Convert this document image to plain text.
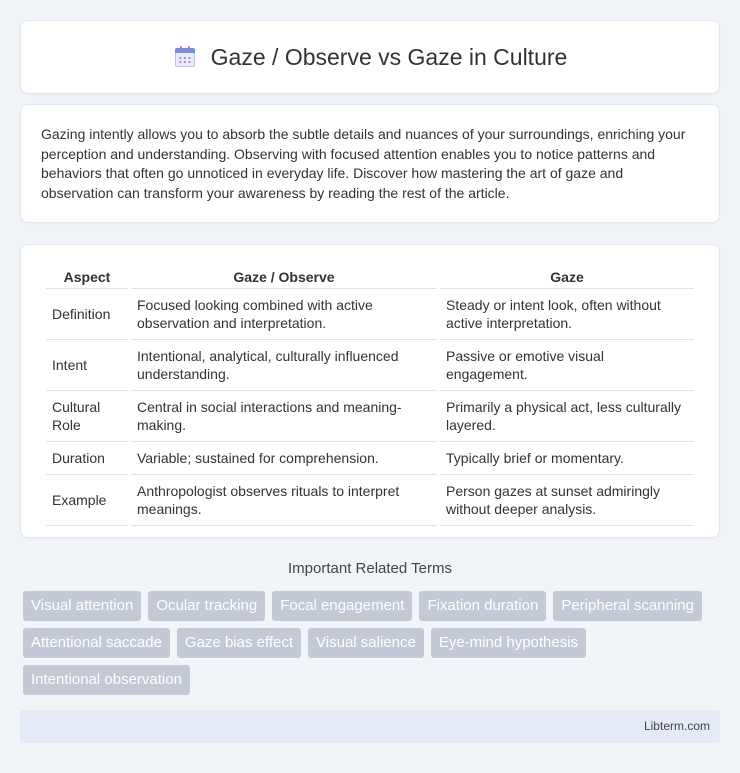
Gaze / Observe vs Gaze in Culture

Gazing intently allows you to absorb the subtle details and nuances of your surroundings, enriching your perception and understanding. Observing with focused attention enables you to notice patterns and behaviors that often go unnoticed in everyday life. Discover how mastering the art of gaze and observation can transform your awareness by reading the rest of the article.

Aspect	Gaze / Observe	Gaze
Definition	Focused looking combined with active observation and interpretation.	Steady or intent look, often without active interpretation.
Intent	Intentional, analytical, culturally influenced understanding.	Passive or emotive visual engagement.
Cultural Role	Central in social interactions and meaning-making.	Primarily a physical act, less culturally layered.
Duration	Variable; sustained for comprehension.	Typically brief or momentary.
Example	Anthropologist observes rituals to interpret meanings.	Person gazes at sunset admiringly without deeper analysis.
Important Related Terms
Visual attention	Ocular tracking	Focal engagement	Fixation duration	Peripheral scanning
Attentional saccade	Gaze bias effect	Visual salience	Eye-mind hypothesis
Intentional observation
Libterm.com
